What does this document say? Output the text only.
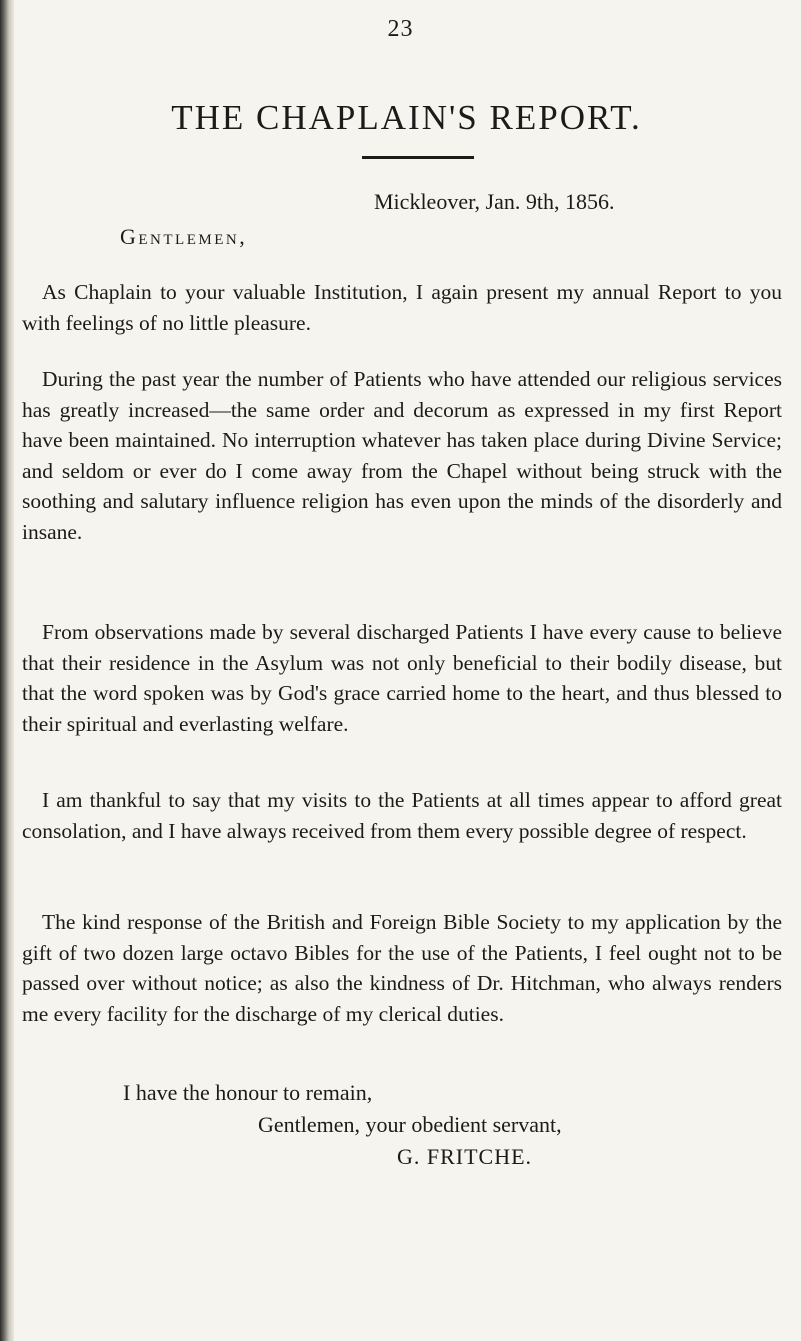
23
THE CHAPLAIN'S REPORT.
Mickleover, Jan. 9th, 1856.
Gentlemen,

As Chaplain to your valuable Institution, I again present my annual Report to you with feelings of no little pleasure.

During the past year the number of Patients who have attended our religious services has greatly increased—the same order and decorum as expressed in my first Report have been maintained. No interruption whatever has taken place during Divine Service; and seldom or ever do I come away from the Chapel without being struck with the soothing and salutary influence religion has even upon the minds of the disorderly and insane.

From observations made by several discharged Patients I have every cause to believe that their residence in the Asylum was not only beneficial to their bodily disease, but that the word spoken was by God's grace carried home to the heart, and thus blessed to their spiritual and everlasting welfare.

I am thankful to say that my visits to the Patients at all times appear to afford great consolation, and I have always received from them every possible degree of respect.

The kind response of the British and Foreign Bible Society to my application by the gift of two dozen large octavo Bibles for the use of the Patients, I feel ought not to be passed over without notice; as also the kindness of Dr. Hitchman, who always renders me every facility for the discharge of my clerical duties.

I have the honour to remain,
Gentlemen, your obedient servant,
G. FRITCHE.
